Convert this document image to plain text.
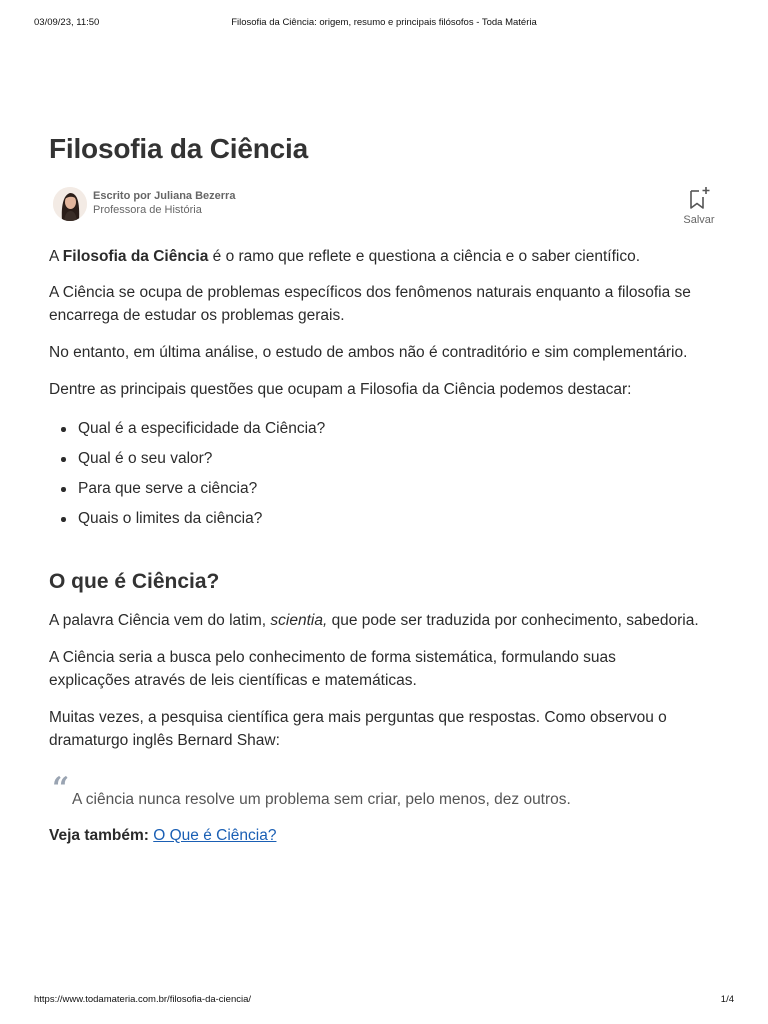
03/09/23, 11:50	Filosofia da Ciência: origem, resumo e principais filósofos - Toda Matéria
Filosofia da Ciência
Escrito por Juliana Bezerra
Professora de História
Salvar

A Filosofia da Ciência é o ramo que reflete e questiona a ciência e o saber científico.

A Ciência se ocupa de problemas específicos dos fenômenos naturais enquanto a filosofia se encarrega de estudar os problemas gerais.

No entanto, em última análise, o estudo de ambos não é contraditório e sim complementário.

Dentre as principais questões que ocupam a Filosofia da Ciência podemos destacar:

Qual é a especificidade da Ciência?
Qual é o seu valor?
Para que serve a ciência?
Quais o limites da ciência?
O que é Ciência?

A palavra Ciência vem do latim, scientia, que pode ser traduzida por conhecimento, sabedoria.

A Ciência seria a busca pelo conhecimento de forma sistemática, formulando suas explicações através de leis científicas e matemáticas.

Muitas vezes, a pesquisa científica gera mais perguntas que respostas. Como observou o dramaturgo inglês Bernard Shaw:

“ A ciência nunca resolve um problema sem criar, pelo menos, dez outros.
Veja também: O Que é Ciência?
https://www.todamateria.com.br/filosofia-da-ciencia/	1/4
